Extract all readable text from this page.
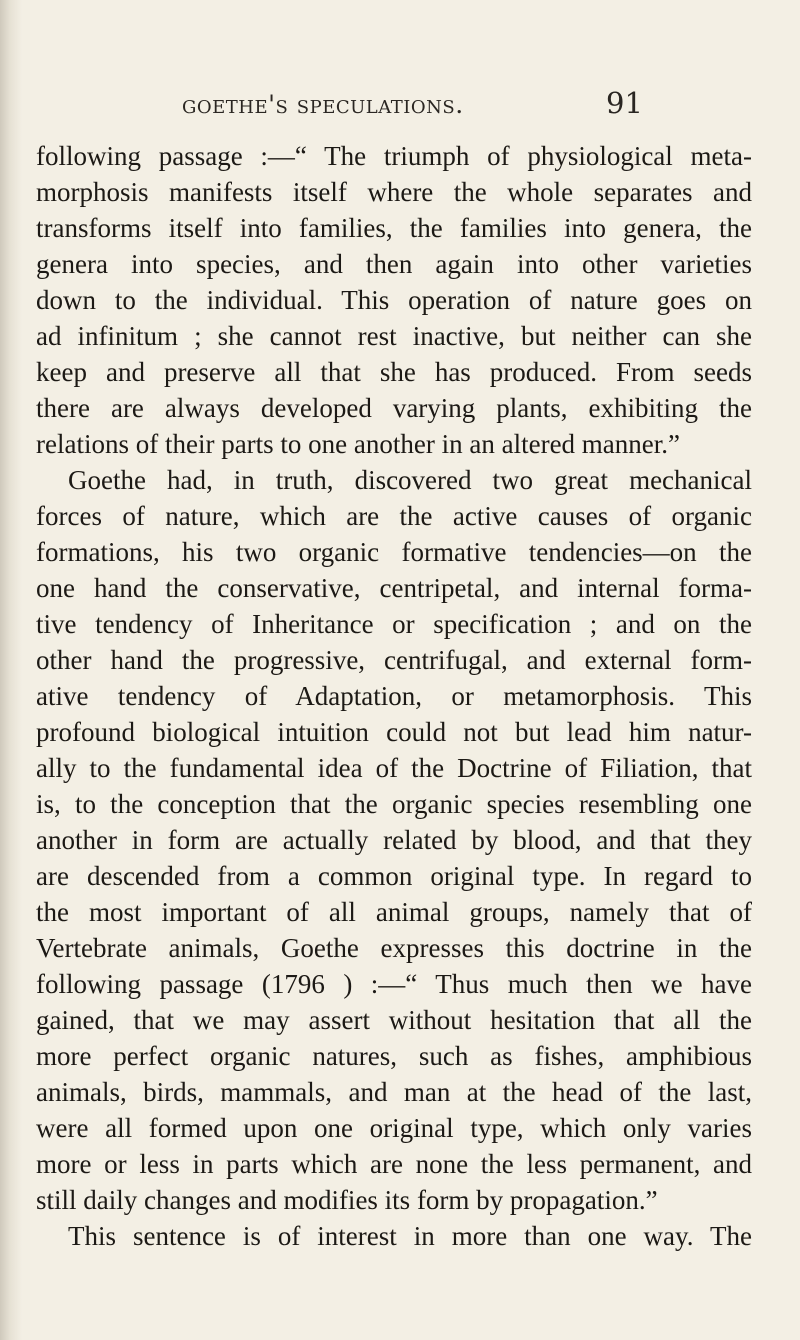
goethe's speculations.	91
following passage :—“ The triumph of physiological meta-
morphosis manifests itself where the whole separates and
transforms itself into families, the families into genera, the
genera into species, and then again into other varieties
down to the individual. This operation of nature goes on
ad infinitum ; she cannot rest inactive, but neither can she
keep and preserve all that she has produced. From seeds
there are always developed varying plants, exhibiting the
relations of their parts to one another in an altered manner.”
Goethe had, in truth, discovered two great mechanical
forces of nature, which are the active causes of organic
formations, his two organic formative tendencies—on the
one hand the conservative, centripetal, and internal forma-
tive tendency of Inheritance or specification ; and on the
other hand the progressive, centrifugal, and external form-
ative tendency of Adaptation, or metamorphosis. This
profound biological intuition could not but lead him natur-
ally to the fundamental idea of the Doctrine of Filiation, that
is, to the conception that the organic species resembling one
another in form are actually related by blood, and that they
are descended from a common original type. In regard to
the most important of all animal groups, namely that of
Vertebrate animals, Goethe expresses this doctrine in the
following passage (1796 ) :—“ Thus much then we have
gained, that we may assert without hesitation that all the
more perfect organic natures, such as fishes, amphibious
animals, birds, mammals, and man at the head of the last,
were all formed upon one original type, which only varies
more or less in parts which are none the less permanent, and
still daily changes and modifies its form by propagation.”
This sentence is of interest in more than one way. The
